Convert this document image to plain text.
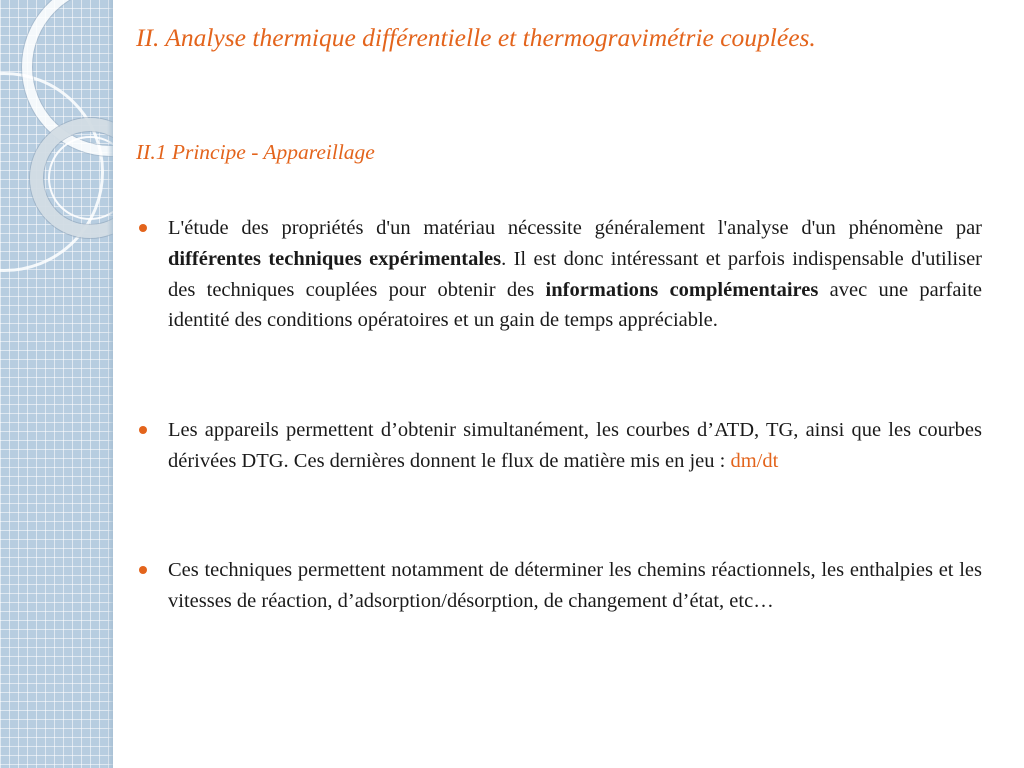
II. Analyse thermique différentielle et thermogravimétrie couplées.
II.1 Principe - Appareillage
L'étude des propriétés d'un matériau nécessite généralement l'analyse d'un phénomène par différentes techniques expérimentales. Il est donc intéressant et parfois indispensable d'utiliser des techniques couplées pour obtenir des informations complémentaires avec une parfaite identité des conditions opératoires et un gain de temps appréciable.
Les appareils permettent d’obtenir simultanément, les courbes d’ATD, TG, ainsi que les courbes dérivées DTG. Ces dernières donnent le flux de matière mis en jeu : dm/dt
Ces techniques permettent notamment de déterminer les chemins réactionnels, les enthalpies et les vitesses de réaction, d’adsorption/désorption, de changement d’état, etc…
